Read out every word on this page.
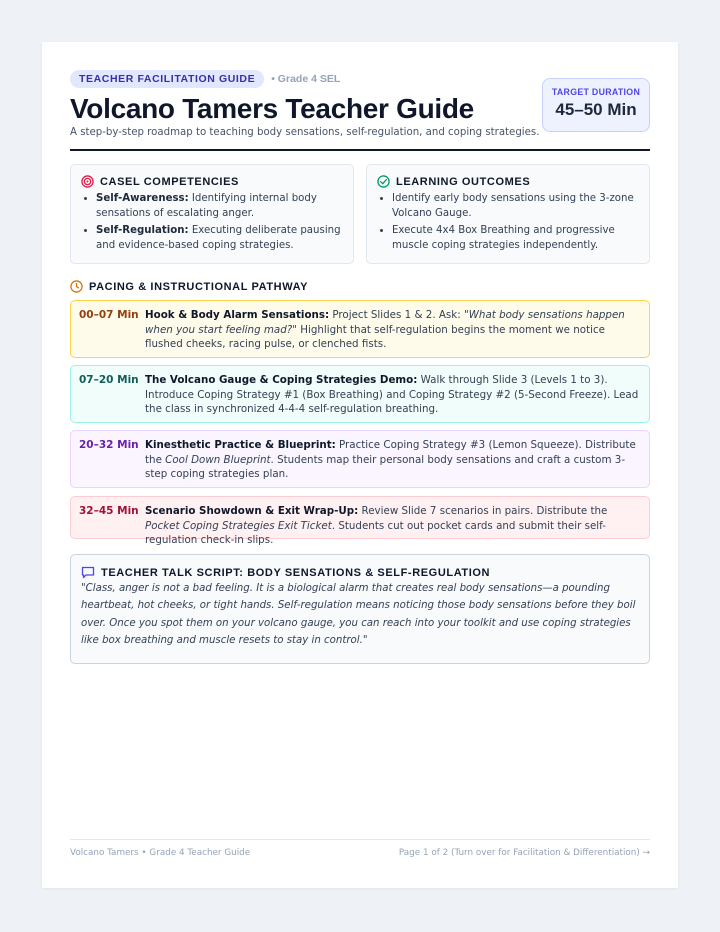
TEACHER FACILITATION GUIDE	• Grade 4 SEL
Volcano Tamers Teacher Guide
A step-by-step roadmap to teaching body sensations, self-regulation, and coping strategies.
TARGET DURATION
45–50 Min
CASEL COMPETENCIES
• Self-Awareness: Identifying internal body sensations of escalating anger.
• Self-Regulation: Executing deliberate pausing and evidence-based coping strategies.
LEARNING OUTCOMES
• Identify early body sensations using the 3-zone Volcano Gauge.
• Execute 4x4 Box Breathing and progressive muscle coping strategies independently.
PACING & INSTRUCTIONAL PATHWAY
00–07 Min Hook & Body Alarm Sensations: Project Slides 1 & 2. Ask: "What body sensations happen when you start feeling mad?" Highlight that self-regulation begins the moment we notice flushed cheeks, racing pulse, or clenched fists.
07–20 Min The Volcano Gauge & Coping Strategies Demo: Walk through Slide 3 (Levels 1 to 3). Introduce Coping Strategy #1 (Box Breathing) and Coping Strategy #2 (5-Second Freeze). Lead the class in synchronized 4-4-4 self-regulation breathing.
20–32 Min Kinesthetic Practice & Blueprint: Practice Coping Strategy #3 (Lemon Squeeze). Distribute the Cool Down Blueprint. Students map their personal body sensations and craft a custom 3-step coping strategies plan.
32–45 Min Scenario Showdown & Exit Wrap-Up: Review Slide 7 scenarios in pairs. Distribute the Pocket Coping Strategies Exit Ticket. Students cut out pocket cards and submit their self-regulation check-in slips.
TEACHER TALK SCRIPT: BODY SENSATIONS & SELF-REGULATION
"Class, anger is not a bad feeling. It is a biological alarm that creates real body sensations—a pounding heartbeat, hot cheeks, or tight hands. Self-regulation means noticing those body sensations before they boil over. Once you spot them on your volcano gauge, you can reach into your toolkit and use coping strategies like box breathing and muscle resets to stay in control."
Volcano Tamers • Grade 4 Teacher Guide	Page 1 of 2 (Turn over for Facilitation & Differentiation) →
